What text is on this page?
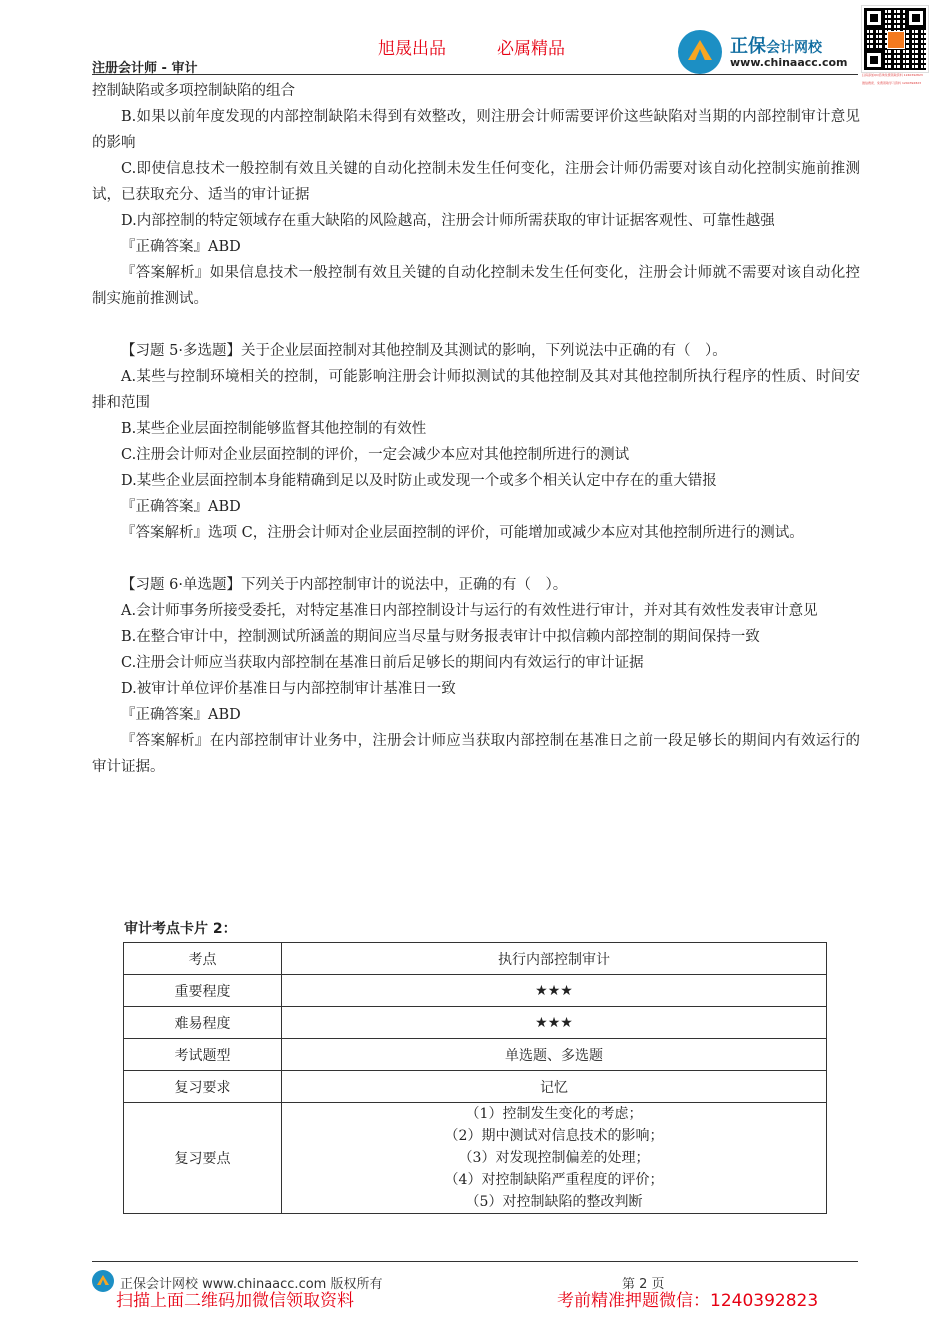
旭晟出品	必属精品
注册会计师 - 审计
正保会计网校
www.chinaacc.com
扫码添加QQ咨询免费领取资料 1240392823
微信搜索、免费领取学习资料 1240392823

控制缺陷或多项控制缺陷的组合

B.如果以前年度发现的内部控制缺陷未得到有效整改，则注册会计师需要评价这些缺陷对当期的内部控制审计意见的影响

C.即使信息技术一般控制有效且关键的自动化控制未发生任何变化，注册会计师仍需要对该自动化控制实施前推测试，已获取充分、适当的审计证据

D.内部控制的特定领域存在重大缺陷的风险越高，注册会计师所需获取的审计证据客观性、可靠性越强

『正确答案』ABD

『答案解析』如果信息技术一般控制有效且关键的自动化控制未发生任何变化，注册会计师就不需要对该自动化控制实施前推测试。

【习题 5·多选题】关于企业层面控制对其他控制及其测试的影响，下列说法中正确的有（　）。

A.某些与控制环境相关的控制，可能影响注册会计师拟测试的其他控制及其对其他控制所执行程序的性质、时间安排和范围

B.某些企业层面控制能够监督其他控制的有效性

C.注册会计师对企业层面控制的评价，一定会减少本应对其他控制所进行的测试

D.某些企业层面控制本身能精确到足以及时防止或发现一个或多个相关认定中存在的重大错报

『正确答案』ABD

『答案解析』选项 C，注册会计师对企业层面控制的评价，可能增加或减少本应对其他控制所进行的测试。

【习题 6·单选题】下列关于内部控制审计的说法中，正确的有（　）。

A.会计师事务所接受委托，对特定基准日内部控制设计与运行的有效性进行审计，并对其有效性发表审计意见

B.在整合审计中，控制测试所涵盖的期间应当尽量与财务报表审计中拟信赖内部控制的期间保持一致

C.注册会计师应当获取内部控制在基准日前后足够长的期间内有效运行的审计证据

D.被审计单位评价基准日与内部控制审计基准日一致

『正确答案』ABD

『答案解析』在内部控制审计业务中，注册会计师应当获取内部控制在基准日之前一段足够长的期间内有效运行的审计证据。

审计考点卡片 2：
考点	执行内部控制审计
重要程度	★★★
难易程度	★★★
考试题型	单选题、多选题
复习要求	记忆
复习要点	（1）控制发生变化的考虑；
（2）期中测试对信息技术的影响；
（3）对发现控制偏差的处理；
（4）对控制缺陷严重程度的评价；
（5）对控制缺陷的整改判断
正保会计网校 www.chinaacc.com 版权所有	第 2 页
扫描上面二维码加微信领取资料	考前精准押题微信：1240392823
